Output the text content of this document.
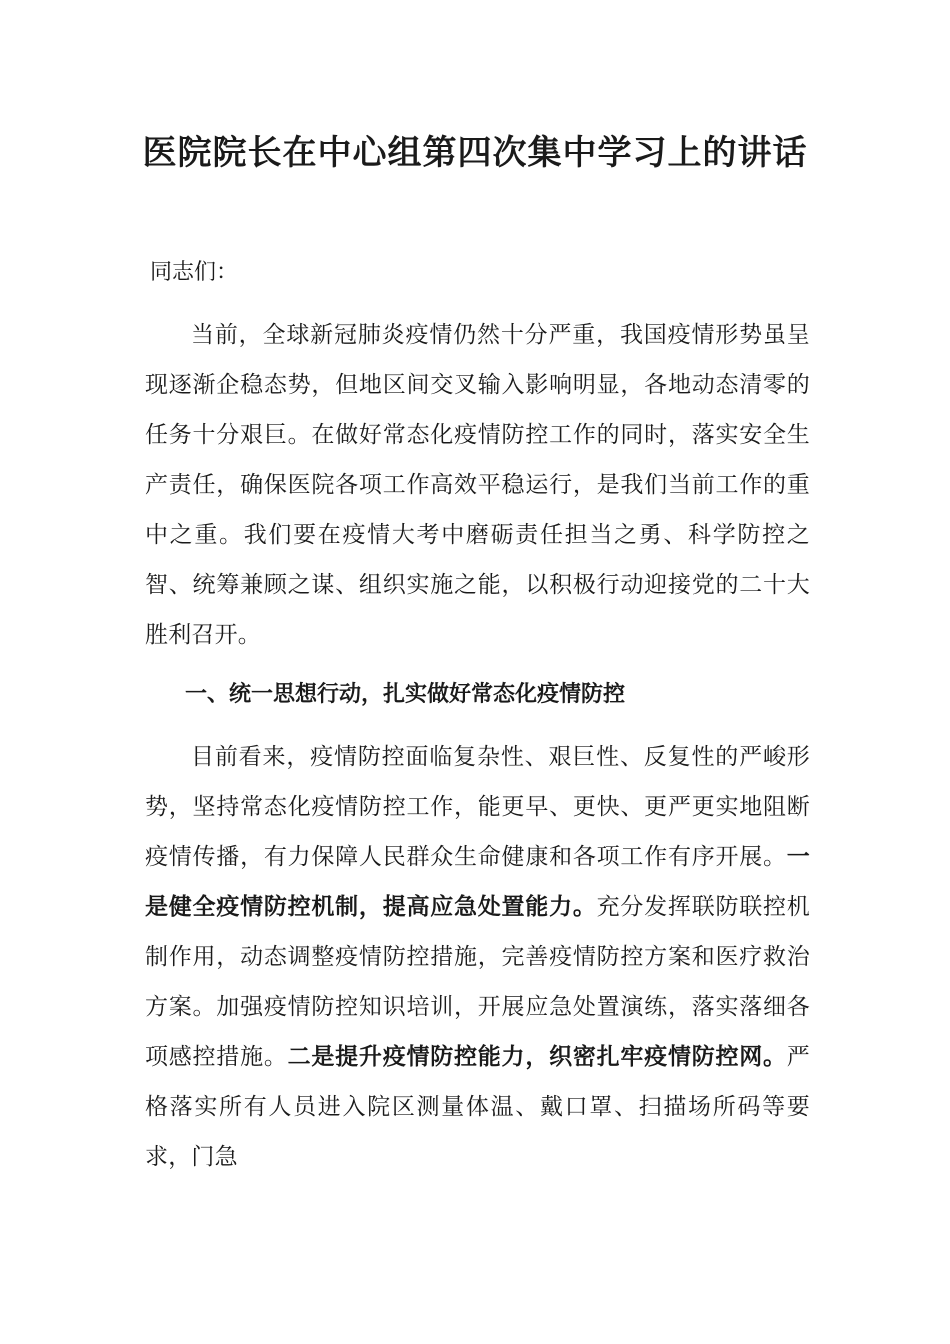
医院院长在中心组第四次集中学习上的讲话

同志们：

当前，全球新冠肺炎疫情仍然十分严重，我国疫情形势虽呈现逐渐企稳态势，但地区间交叉输入影响明显，各地动态清零的任务十分艰巨。在做好常态化疫情防控工作的同时，落实安全生产责任，确保医院各项工作高效平稳运行，是我们当前工作的重中之重。我们要在疫情大考中磨砺责任担当之勇、科学防控之智、统筹兼顾之谋、组织实施之能，以积极行动迎接党的二十大胜利召开。

一、统一思想行动，扎实做好常态化疫情防控

目前看来，疫情防控面临复杂性、艰巨性、反复性的严峻形势，坚持常态化疫情防控工作，能更早、更快、更严更实地阻断疫情传播，有力保障人民群众生命健康和各项工作有序开展。一是健全疫情防控机制，提高应急处置能力。充分发挥联防联控机制作用，动态调整疫情防控措施，完善疫情防控方案和医疗救治方案。加强疫情防控知识培训，开展应急处置演练，落实落细各项感控措施。二是提升疫情防控能力，织密扎牢疫情防控网。严格落实所有人员进入院区测量体温、戴口罩、扫描场所码等要求，门急
